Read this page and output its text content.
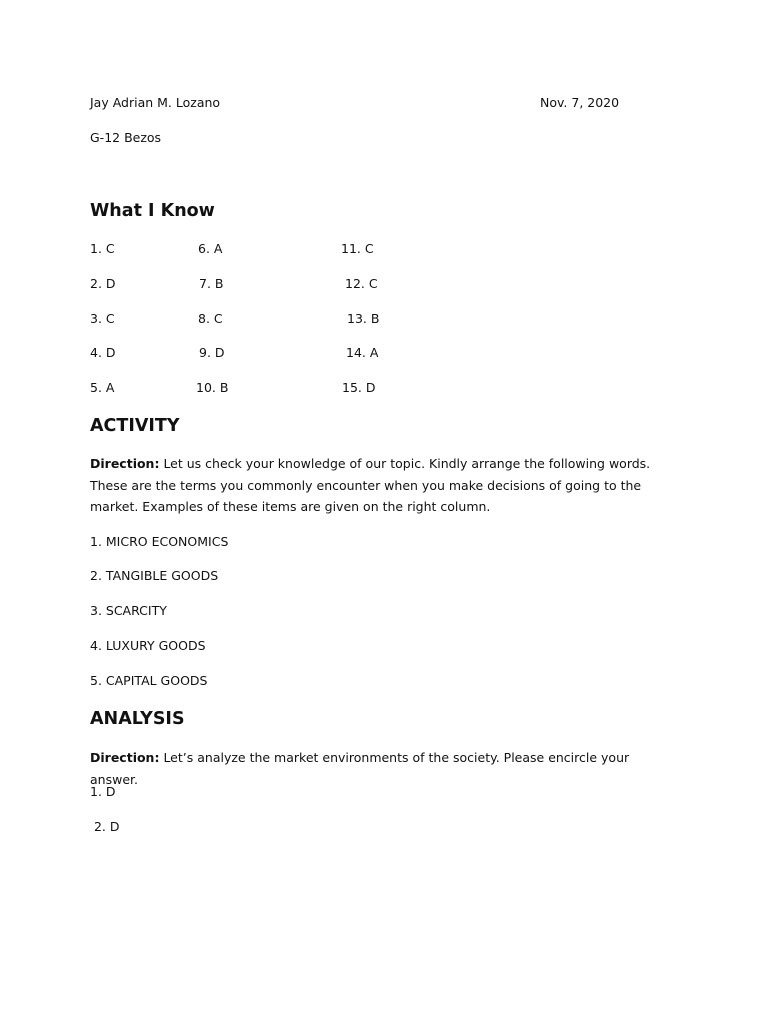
Jay Adrian M. Lozano	Nov. 7, 2020
G-12 Bezos
What I Know
1. C	6. A	11. C
2. D	7. B	12. C
3. C	8. C	13. B
4. D	9. D	14. A
5. A	10. B	15. D
ACTIVITY
Direction: Let us check your knowledge of our topic. Kindly arrange the following words. These are the terms you commonly encounter when you make decisions of going to the market. Examples of these items are given on the right column.
1. MICRO ECONOMICS
2. TANGIBLE GOODS
3. SCARCITY
4. LUXURY GOODS
5. CAPITAL GOODS
ANALYSIS
Direction: Let’s analyze the market environments of the society. Please encircle your answer.
1. D
2. D
